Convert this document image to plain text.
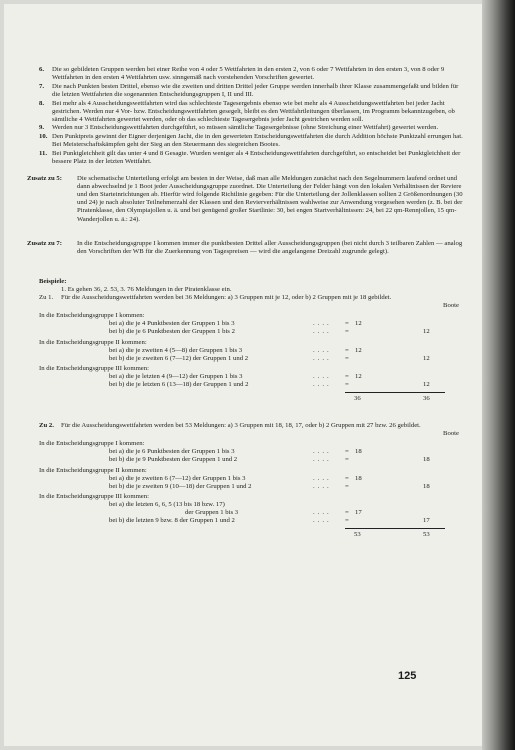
6. Die so gebildeten Gruppen werden bei einer Reihe von 4 oder 5 Wettfahrten in den ersten 2, von 6 oder 7 Wettfahrten in den ersten 3, von 8 oder 9 Wettfahrten in den ersten 4 Wettfahrten usw. sinngemäß nach vorstehenden Vorschriften gewertet.
7. Die nach Punkten besten Drittel, ebenso wie die zweiten und dritten Drittel jeder Gruppe werden innerhalb ihrer Klasse zusammengefaßt und bilden für die letzten Wettfahrten die sogenannten Entscheidungsgruppen I, II und III.
8. Bei mehr als 4 Ausscheidungswettfahrten wird das schlechteste Tagesergebnis ebenso wie bei mehr als 4 Ausscheidungswettfahrten bei jeder Jacht gestrichen. Werden nur 4 Vor- bzw. Entscheidungswettfahrten gesegelt, bleibt es den Wettfahrtleitungen überlassen, im Programm bekanntzugeben, ob sämtliche 4 Wettfahrten gewertet werden, oder ob das schlechteste Tagesergebnis jeder Jacht gestrichen werden soll.
9. Werden nur 3 Entscheidungswettfahrten durchgeführt, so müssen sämtliche Tagesergebnisse (ohne Streichung einer Wettfahrt) gewertet werden.
10. Den Punktpreis gewinnt der Eigner derjenigen Jacht, die in den gewerteten Entscheidungswettfahrten die durch Addition höchste Punktzahl errungen hat. Bei Meisterschaftskämpfen geht der Sieg an den Steuermann des siegreichen Bootes.
11. Bei Punktgleichheit gilt das unter 4 und 8 Gesagte. Wurden weniger als 4 Entscheidungswettfahrten durchgeführt, so entscheidet bei Punktgleichheit der bessere Platz in der letzten Wettfahrt.
Zusatz zu 5:	Die schematische Unterteilung erfolgt am besten in der Weise, daß man alle Meldungen zunächst nach den Segelnummern laufend ordnet und dann abwechselnd je 1 Boot jeder Ausscheidungsgruppe zuordnet. Die Unterteilung der Felder hängt von den lokalen Verhältnissen der Reviere und den Starteinrichtungen ab. Hierfür wird folgende Richtlinie gegeben: Für die Unterteilung der Jollenklassen sollten 2 Größenordnungen (30 und 24) je nach absoluter Teilnehmerzahl der Klassen und den Revierverhältnissen wahlweise zur Anwendung vorgesehen werden (z. B. bei der Piratenklasse, den Olympiajollen u. ä. und bei genügend großer Startlinie: 30, bei engen Startverhältnissen: 24, bei 22 qm-Rennjollen, 15 qm-Wanderjollen u. ä.: 24).
Zusatz zu 7:	In die Entscheidungsgruppe I kommen immer die punktbesten Drittel aller Ausscheidungsgruppen (bei nicht durch 3 teilbaren Zahlen — analog den Vorschriften der WB für die Zuerkennung von Tagespreisen — wird die angelangene Dreizahl zugrunde gelegt).
Beispiele:
1. Es gehen 36, 2. 53, 3. 76 Meldungen in der Piratenklasse ein.
Zu 1. Für die Ausscheidungswettfahrten werden bei 36 Meldungen: a) 3 Gruppen mit je 12, oder b) 2 Gruppen mit je 18 gebildet.
Boote
In die Entscheidungsgruppe I kommen:
bei a) die je 4 Punktbesten der Gruppen 1 bis 3	.... = 12
bei b) die je 6 Punktbesten der Gruppen 1 bis 2	.... =	12
In die Entscheidungsgruppe II kommen:
bei a) die je zweiten 4 (5—8) der Gruppen 1 bis 3	.... = 12
bei b) die je zweiten 6 (7—12) der Gruppen 1 und 2	.... =	12
In die Entscheidungsgruppe III kommen:
bei a) die je letzten 4 (9—12) der Gruppen 1 bis 3	.... = 12
bei b) die je letzten 6 (13—18) der Gruppen 1 und 2	.... =	12
36	36
Zu 2. Für die Ausscheidungswettfahrten werden bei 53 Meldungen: a) 3 Gruppen mit 18, 18, 17, oder b) 2 Gruppen mit 27 bzw. 26 gebildet.
Boote
In die Entscheidungsgruppe I kommen:
bei a) die je 6 Punktbesten der Gruppen 1 bis 3	.... = 18
bei b) die je 9 Punktbesten der Gruppen 1 und 2	.... =	18
In die Entscheidungsgruppe II kommen:
bei a) die je zweiten 6 (7—12) der Gruppen 1 bis 3	.... = 18
bei b) die je zweiten 9 (10—18) der Gruppen 1 und 2	.... =	18
In die Entscheidungsgruppe III kommen:
bei a) die letzten 6, 6, 5 (13 bis 18 bzw. 17)
der Gruppen 1 bis 3	.... = 17
bei b) die letzten 9 bzw. 8 der Gruppen 1 und 2	.... =	17
53	53
125
